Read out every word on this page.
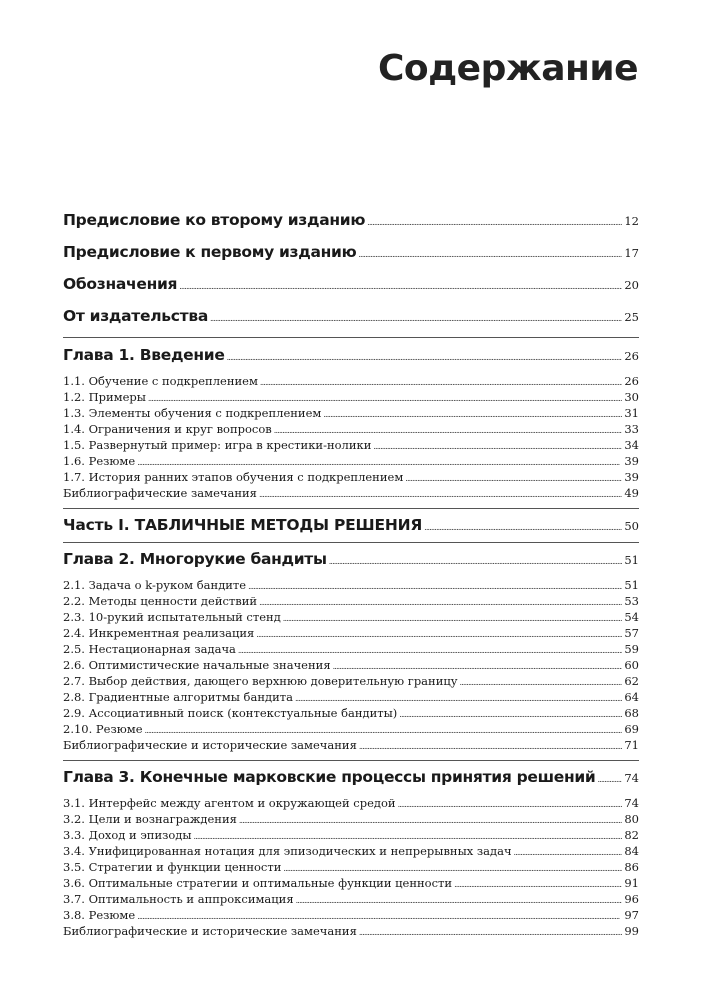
Содержание
Предисловие ко второму изданию . . .	12
Предисловие к первому изданию . . .	17
Обозначения . . .	20
От издательства . . .	25
Глава 1. Введение . . .	26
1.1. Обучение с подкреплением . . .	26
1.2. Примеры . . .	30
1.3. Элементы обучения с подкреплением . . .	31
1.4. Ограничения и круг вопросов . . .	33
1.5. Развернутый пример: игра в крестики-нолики . . .	34
1.6. Резюме . . .	39
1.7. История ранних этапов обучения с подкреплением . . .	39
Библиографические замечания . . .	49
Часть I. ТАБЛИЧНЫЕ МЕТОДЫ РЕШЕНИЯ . . .	50
Глава 2. Многорукие бандиты . . .	51
2.1. Задача о k-руком бандите . . .	51
2.2. Методы ценности действий . . .	53
2.3. 10-рукий испытательный стенд . . .	54
2.4. Инкрементная реализация . . .	57
2.5. Нестационарная задача . . .	59
2.6. Оптимистические начальные значения . . .	60
2.7. Выбор действия, дающего верхнюю доверительную границу . . .	62
2.8. Градиентные алгоритмы бандита . . .	64
2.9. Ассоциативный поиск (контекстуальные бандиты) . . .	68
2.10. Резюме . . .	69
Библиографические и исторические замечания . . .	71
Глава 3. Конечные марковские процессы принятия решений . . .	74
3.1. Интерфейс между агентом и окружающей средой . . .	74
3.2. Цели и вознаграждения . . .	80
3.3. Доход и эпизоды . . .	82
3.4. Унифицированная нотация для эпизодических и непрерывных задач . . .	84
3.5. Стратегии и функции ценности . . .	86
3.6. Оптимальные стратегии и оптимальные функции ценности . . .	91
3.7. Оптимальность и аппроксимация . . .	96
3.8. Резюме . . .	97
Библиографические и исторические замечания . . .	99
